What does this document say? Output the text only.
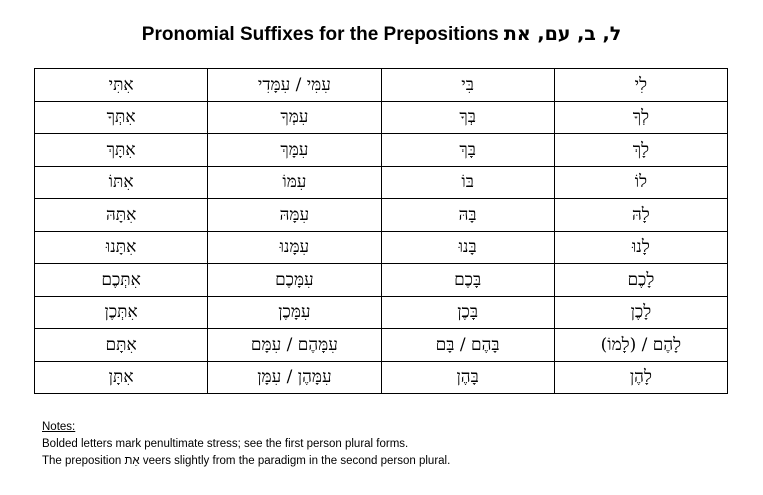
Pronomial Suffixes for the Prepositions ל, ב, עם, את
אִתִּי	עִמִּי / עִמָּדִי	בִּי	לִי
אִתְּךָ	עִמְּךָ	בְּךָ	לְךָ
אִתָּךְ	עִמָּךְ	בָּךְ	לָךְ
אִתּוֹ	עִמּוֹ	בּוֹ	לוֹ
אִתָּהּ	עִמָּהּ	בָּהּ	לָהּ
אִתָּנוּ	עִמָּנוּ	בָּנוּ	לָנוּ
אִתְּכֶם	עִמָּכֶם	בָּכֶם	לָכֶם
אִתְּכֶן	עִמָּכֶן	בָּכֶן	לָכֶן
אִתָּם	עִמָּהֶם / עִמָּם	בָּהֶם / בָּם	לָהֶם / (לָמוֹ)
אִתָּן	עִמָּהֶן / עִמָּן	בָּהֶן	לָהֶן
Notes:
Bolded letters mark penultimate stress; see the first person plural forms.
The preposition אֵת veers slightly from the paradigm in the second person plural.
